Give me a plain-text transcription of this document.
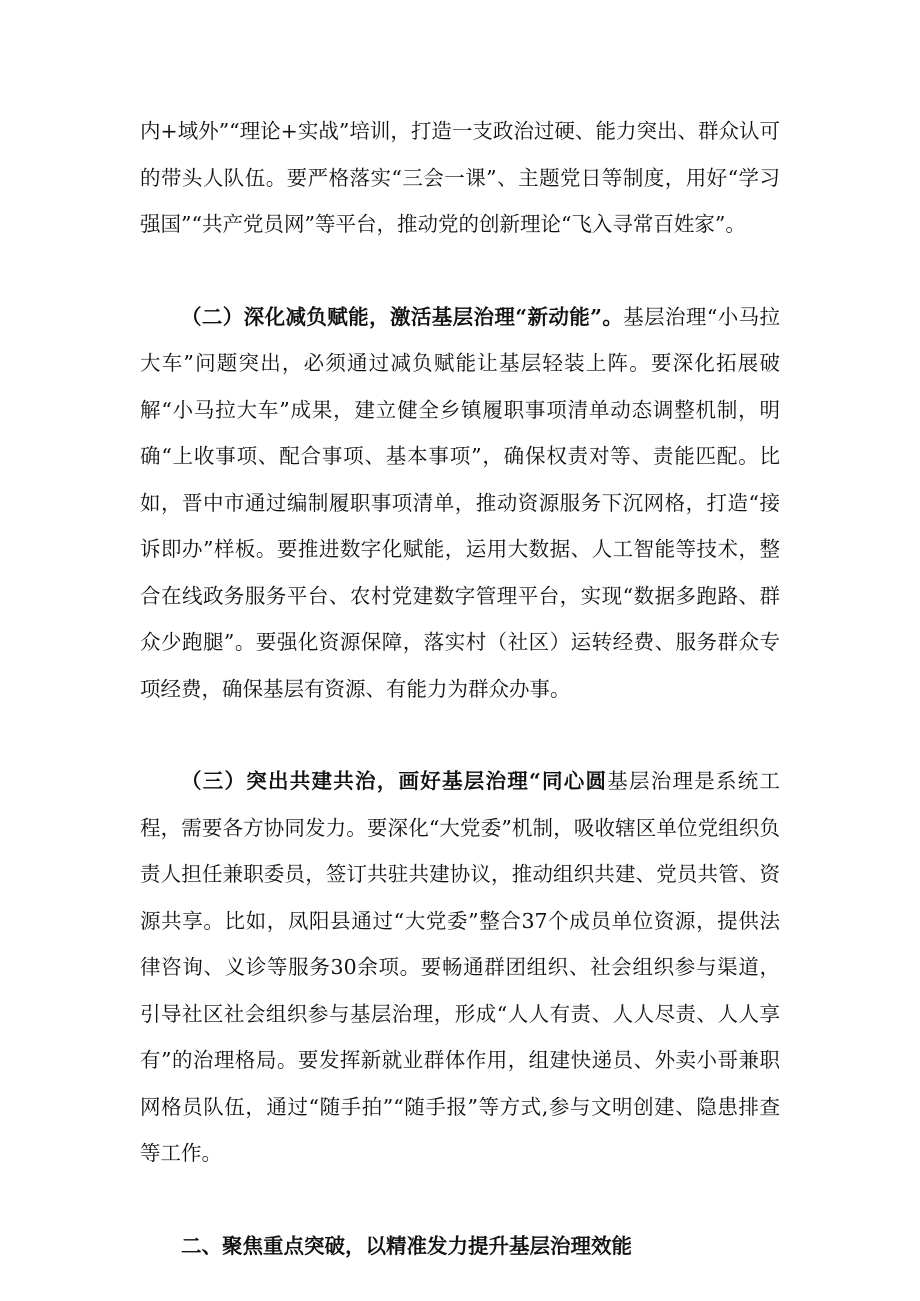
内+域外”“理论+实战”培训，打造一支政治过硬、能力突出、群众认可的带头人队伍。要严格落实“三会一课”、主题党日等制度，用好“学习强国”“共产党员网”等平台，推动党的创新理论“飞入寻常百姓家”。

（二）深化减负赋能，激活基层治理“新动能”。基层治理“小马拉大车”问题突出，必须通过减负赋能让基层轻装上阵。要深化拓展破解“小马拉大车”成果，建立健全乡镇履职事项清单动态调整机制，明确“上收事项、配合事项、基本事项”，确保权责对等、责能匹配。比如，晋中市通过编制履职事项清单，推动资源服务下沉网格，打造“接诉即办”样板。要推进数字化赋能，运用大数据、人工智能等技术，整合在线政务服务平台、农村党建数字管理平台，实现“数据多跑路、群众少跑腿”。要强化资源保障，落实村（社区）运转经费、服务群众专项经费，确保基层有资源、有能力为群众办事。

（三）突出共建共治，画好基层治理“同心圆基层治理是系统工程，需要各方协同发力。要深化“大党委”机制，吸收辖区单位党组织负责人担任兼职委员，签订共驻共建协议，推动组织共建、党员共管、资源共享。比如，凤阳县通过“大党委”整合37个成员单位资源，提供法律咨询、义诊等服务30余项。要畅通群团组织、社会组织参与渠道，引导社区社会组织参与基层治理，形成“人人有责、人人尽责、人人享有”的治理格局。要发挥新就业群体作用，组建快递员、外卖小哥兼职网格员队伍，通过“随手拍”“随手报”等方式,参与文明创建、隐患排查等工作。

二、聚焦重点突破，以精准发力提升基层治理效能
